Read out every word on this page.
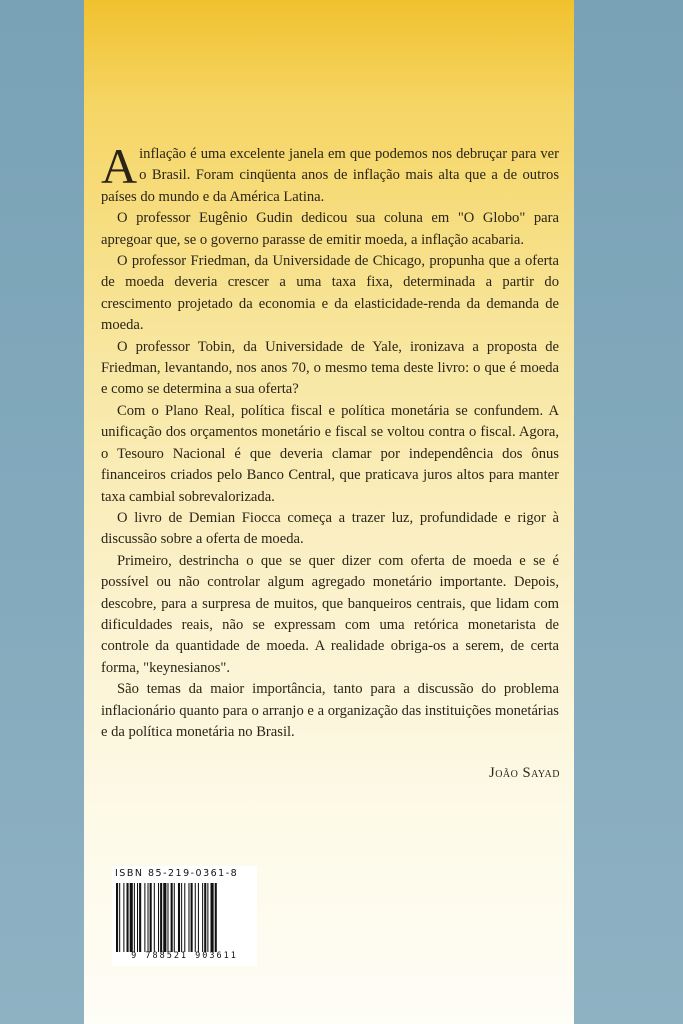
Ainflação é uma excelente janela em que podemos nos debruçar para ver o Brasil. Foram cinqüenta anos de inflação mais alta que a de outros países do mundo e da América Latina.

O professor Eugênio Gudin dedicou sua coluna em "O Globo" para apregoar que, se o governo parasse de emitir moeda, a inflação acabaria.

O professor Friedman, da Universidade de Chicago, propunha que a oferta de moeda deveria crescer a uma taxa fixa, determinada a partir do crescimento projetado da economia e da elasticidade-renda da demanda de moeda.

O professor Tobin, da Universidade de Yale, ironizava a proposta de Friedman, levantando, nos anos 70, o mesmo tema deste livro: o que é moeda e como se determina a sua oferta?

Com o Plano Real, política fiscal e política monetária se confundem. A unificação dos orçamentos monetário e fiscal se voltou contra o fiscal. Agora, o Tesouro Nacional é que deveria clamar por independência dos ônus financeiros criados pelo Banco Central, que praticava juros altos para manter taxa cambial sobrevalorizada.

O livro de Demian Fiocca começa a trazer luz, profundidade e rigor à discussão sobre a oferta de moeda.

Primeiro, destrincha o que se quer dizer com oferta de moeda e se é possível ou não controlar algum agregado monetário importante. Depois, descobre, para a surpresa de muitos, que banqueiros centrais, que lidam com dificuldades reais, não se expressam com uma retórica monetarista de controle da quantidade de moeda. A realidade obriga-os a serem, de certa forma, "keynesianos".

São temas da maior importância, tanto para a discussão do problema inflacionário quanto para o arranjo e a organização das instituições monetárias e da política monetária no Brasil.

João Sayad
ISBN 85-219-0361-8
9 788521 903611
